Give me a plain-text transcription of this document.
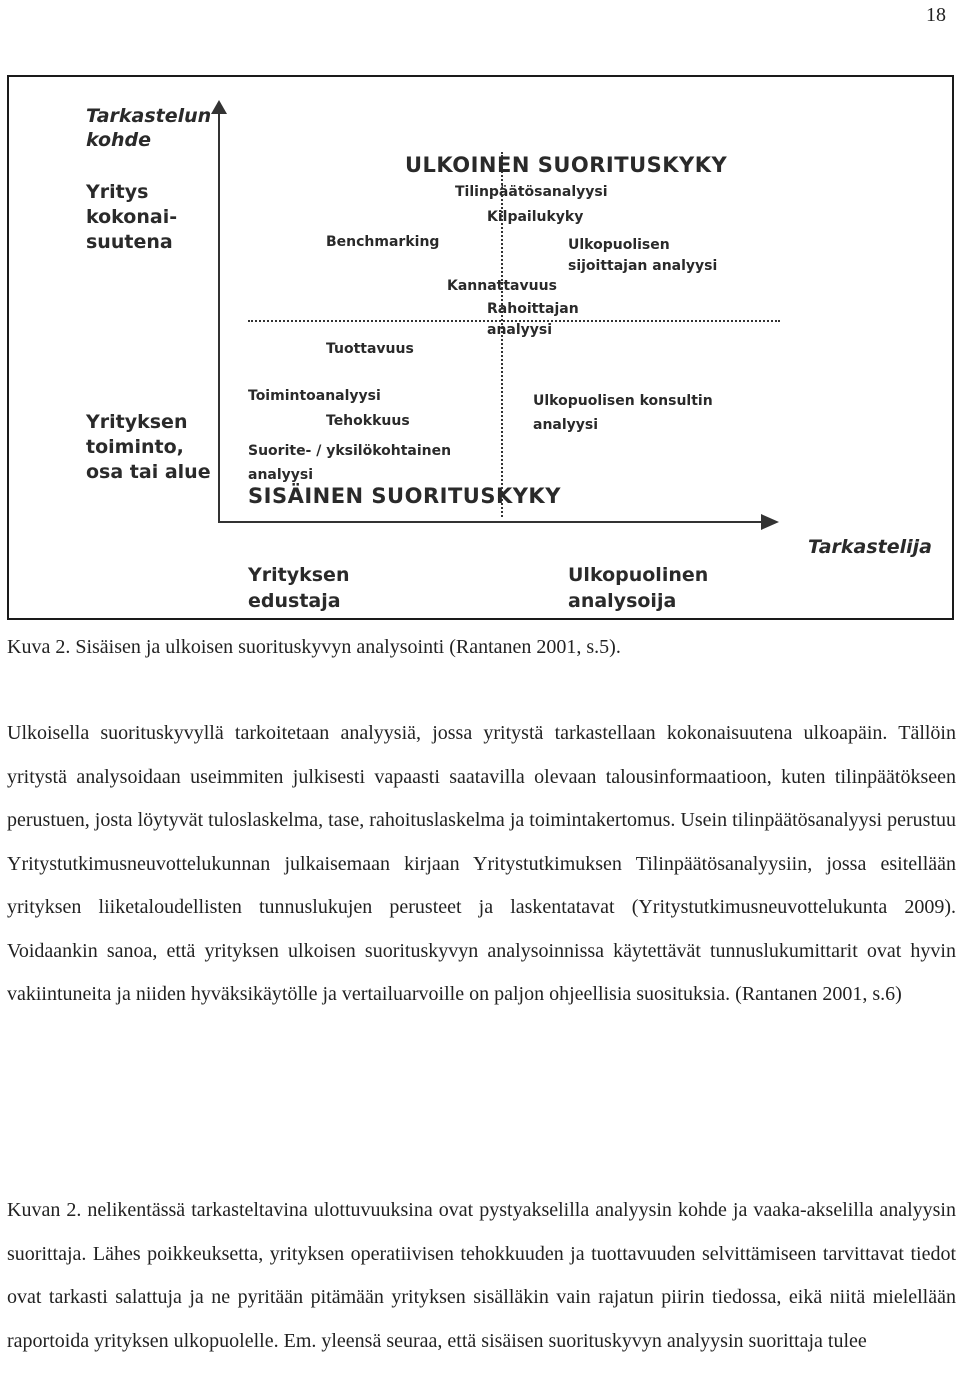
18
Tarkastelun kohde
Yritys kokonai-suutena
Yrityksen toiminto, osa tai alue
Tarkastelija
Yrityksen edustaja
Ulkopuolinen analysoija
ULKOINEN SUORITUSKYKY
SISÄINEN SUORITUSKYKY
Tilinpäätösanalyysi
Kilpailukyky
Benchmarking	Ulkopuolisen sijoittajan analyysi
Kannattavuus
Rahoittajan analyysi
Tuottavuus
Toimintoanalyysi
Tehokkuus
Suorite- / yksilökohtainen analyysi
Ulkopuolisen konsultin analyysi
Kuva 2. Sisäisen ja ulkoisen suorituskyvyn analysointi (Rantanen 2001, s.5).

Ulkoisella suorituskyvyllä tarkoitetaan analyysiä, jossa yritystä tarkastellaan kokonaisuutena ulkoapäin. Tällöin yritystä analysoidaan useimmiten julkisesti vapaasti saatavilla olevaan talousinformaatioon, kuten tilinpäätökseen perustuen, josta löytyvät tuloslaskelma, tase, rahoituslaskelma ja toimintakertomus. Usein tilinpäätösanalyysi perustuu Yritystutkimusneuvottelukunnan julkaisemaan kirjaan Yritystutkimuksen Tilinpäätösanalyysiin, jossa esitellään yrityksen liiketaloudellisten tunnuslukujen perusteet ja laskentatavat (Yritystutkimusneuvottelukunta 2009). Voidaankin sanoa, että yrityksen ulkoisen suorituskyvyn analysoinnissa käytettävät tunnuslukumittarit ovat hyvin vakiintuneita ja niiden hyväksikäytölle ja vertailuarvoille on paljon ohjeellisia suosituksia. (Rantanen 2001, s.6)

Kuvan 2. nelikentässä tarkasteltavina ulottuvuuksina ovat pystyakselilla analyysin kohde ja vaaka-akselilla analyysin suorittaja. Lähes poikkeuksetta, yrityksen operatiivisen tehokkuuden ja tuottavuuden selvittämiseen tarvittavat tiedot ovat tarkasti salattuja ja ne pyritään pitämään yrityksen sisälläkin vain rajatun piirin tiedossa, eikä niitä mielellään raportoida yrityksen ulkopuolelle. Em. yleensä seuraa, että sisäisen suorituskyvyn analyysin suorittaja tulee
